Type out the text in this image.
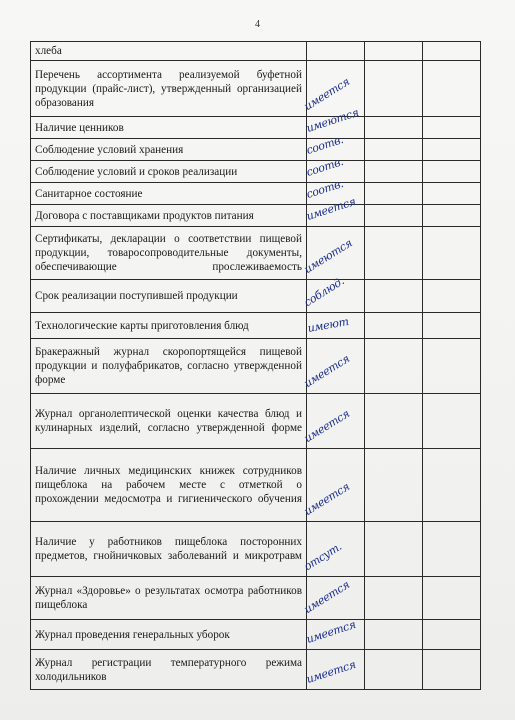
4
хлеба			
Перечень ассортимента реализуемой буфетной продукции (прайс-лист), утвержденный организацией образования	имеется		

Наличие ценников	имеются		

Соблюдение условий хранения	соотв.		

Соблюдение условий и сроков реализации	соотв.		

Санитарное состояние	соотв.		

Договора с поставщиками продуктов питания	имеется		

Сертификаты, декларации о соответствии пищевой продукции, товаросопроводительные документы, обеспечивающие прослеживаемость	имеются		

Срок реализации поступившей продукции	соблюд.		

Технологические карты приготовления блюд	имеют		

Бракеражный журнал скоропортящейся пищевой продукции и полуфабрикатов, согласно утвержденной форме	имеется		

Журнал органолептической оценки качества блюд и кулинарных изделий, согласно утвержденной форме	имеется		

Наличие личных медицинских книжек сотрудников пищеблока на рабочем месте с отметкой о прохождении медосмотра и гигиенического обучения	имеется		

Наличие у работников пищеблока посторонних предметов, гнойничковых заболеваний и микротравм	отсут.		

Журнал «Здоровье» о результатах осмотра работников пищеблока	имеется		

Журнал проведения генеральных уборок	имеется		

Журнал регистрации температурного режима холодильников	имеется		
